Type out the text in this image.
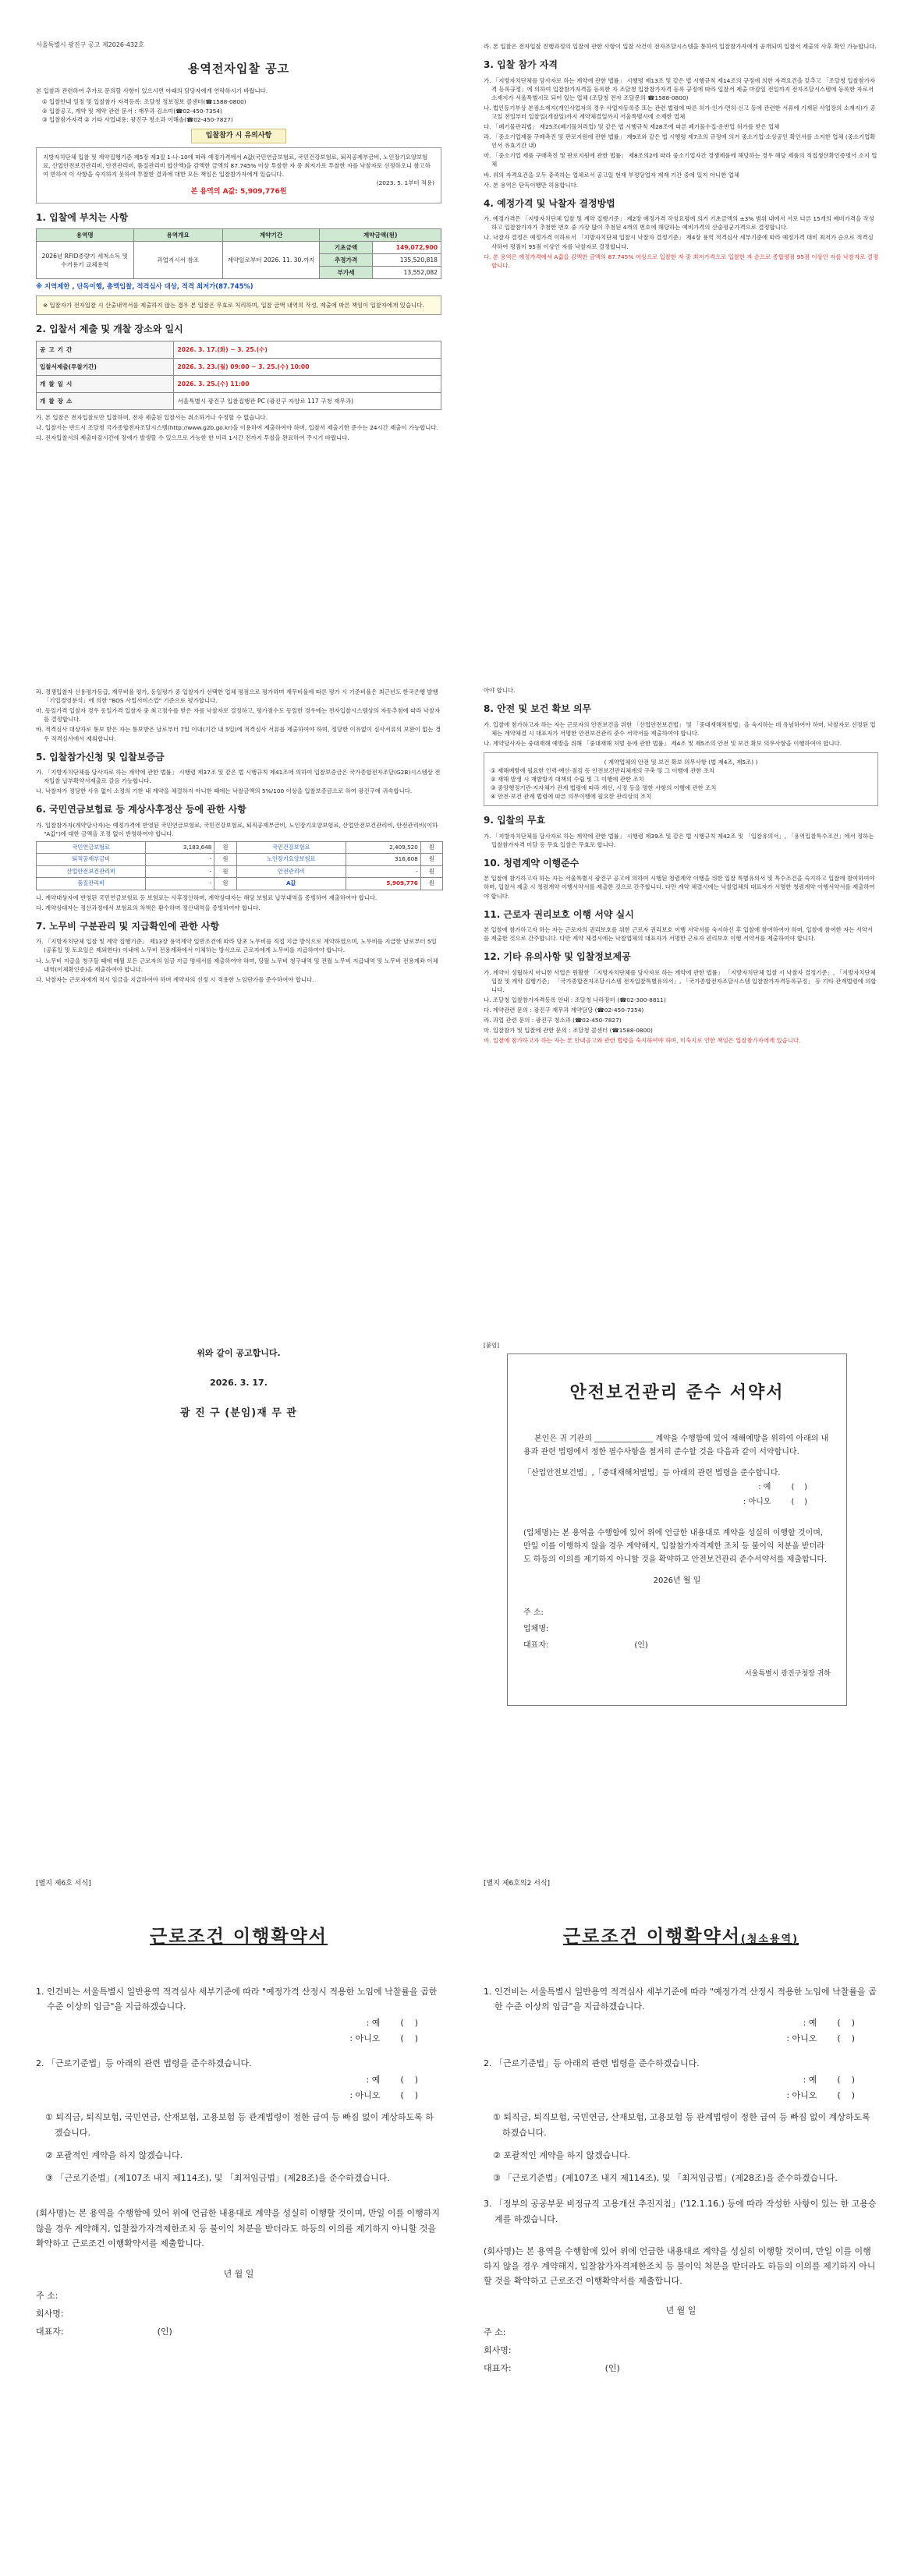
서울특별시 광진구 공고 제2026-432호
용역전자입찰 공고
본 입찰과 관련하여 추가로 문의할 사항이 있으시면 아래의 담당자에게 연락하시기 바랍니다.
① 입찰안내 일정 및 입찰참가 자격등록: 조달청 정보정보 콜센터(☎1588-0800)
② 입찰공고, 계약 및 계약 관련 문서 : 재무과 김소미(☎02-450-7354)
③ 입찰참가자격 ② 기타 사업내용: 광진구 청소과 이해솔(☎02-450-7827)
입찰참가 시 유의사항
지방자치단체 입찰 및 계약집행기준 제5장 제3절 1-나-10에 따라 예정가격에서 A값(국민연금보험료, 국민건강보험료, 퇴직공제부금비, 노인장기요양보험료, 산업안전보건관리비, 안전관리비, 품질관리비 합산액)을 감액한 금액의 87.745% 이상 투찰한 자 중 최저가로 투찰한 자를 낙찰자로 선정하오니 참고하여 반하여 이 사항을 숙지하지 못하여 투찰한 결과에 대한 모든 책임은 입찰참가자에게 있습니다.
(2023. 5. 1부터 적용)
본 용역의 A값: 5,909,776원
1. 입찰에 부치는 사항
용역명	용역개요	계약기간	계약금액(원)	
2026년 RFID종량기 세척소독 및 수거용기 교체용역	과업지시서 참조	계약일로부터 2026. 11. 30.까지	기초금액	149,072,900
			추정가격	135,520,818
			부가세	13,552,082
※ 지역제한 , 단독이행, 총액입찰, 적격심사 대상, 적격 최저가(87.745%)
※ 입찰자가 전자입찰 시 산출내역서를 제출하지 않는 경우 본 입찰은 무효로 처리하며, 입찰 금액 내역의 작성, 제출에 따른 책임이 입찰자에게 있습니다.
2. 입찰서 제출 및 개찰 장소와 일시
공고기간	2026. 3. 17.(화) ~ 3. 25.(수)
입찰서제출(투찰기간)	2026. 3. 23.(월) 09:00 ~ 3. 25.(수) 10:00
개찰일시	2026. 3. 25.(수) 11:00
개찰장소	서울특별시 광진구 입찰집행관 PC (광진구 자양로 117 구청 재무과)
가. 본 입찰은 전자입찰로만 입찰하며, 전자 제출된 입찰서는 취소하거나 수정할 수 없습니다.
나. 입찰서는 반드시 조달청 국가종합전자조달시스템(http://www.g2b.go.kr)을 이용하여 제출하여야 하며, 입찰서 제출기한 준수는 24시간 제출이 가능합니다.
다. 전자입찰서의 제출마감시간에 장애가 발생할 수 있으므로 가능한 한 미리 1시간 전까지 투찰을 완료하여 주시기 바랍니다.
라. 본 입찰은 전자입찰 진행과정의 입찰에 관한 사항이 입찰 사건이 전자조달시스템을 통하여 입찰참가자에게 공개되며 입찰서 제출의 사후 확인 가능합니다.
3. 입찰 참가 자격
가. 「지방자치단체를 당사자로 하는 계약에 관한 법률」 시행령 제13조 및 같은 법 시행규칙 제14조의 규정에 의한 자격요건을 갖추고 「조달청 입찰참가자격 등록규정」에 의하여 입찰참가자격을 등록한 자 조달청 입찰참가자격 등록 규정에 따라 입찰서 제출 마감일 전일까지 전자조달시스템에 등록한 자로서 소재지가 서울특별시로 되어 있는 업체 (조달청 전자 조달문의 ☎1588-0800)
나. 법인등기부상 본점소재지(개인사업자의 경우 사업자등록증 또는 관련 법령에 따른 허가·인가·면허·신고 등에 관련한 서류에 기재된 사업장의 소재지)가 공고일 전일부터 입찰일(개찰일)까지 계약체결일까지 서울특별시에 소재한 업체
다. 「폐기물관리법」 제25조(폐기물처리업) 및 같은 법 시행규칙 제28조에 따른 폐기물수집·운반업 허가를 받은 업체
라. 「중소기업제품 구매촉진 및 판로지원에 관한 법률」 제9조와 같은 법 시행령 제7조의 규정에 의거 중소기업·소상공인 확인서를 소지한 업체 (중소기업확인서 유효기간 내)
마. 「중소기업 제품 구매촉진 및 판로지원에 관한 법률」 제8조의2에 따라 중소기업자간 경쟁제품에 해당하는 경우 해당 제품의 직접생산확인증명서 소지 업체
바. 위의 자격요건을 모두 충족하는 업체로서 공고일 현재 부정당업자 제재 기간 중에 있지 아니한 업체
사. 본 용역은 단독이행만 허용합니다.
4. 예정가격 및 낙찰자 결정방법
가. 예정가격은 「지방자치단체 입찰 및 계약 집행기준」 제2장 예정가격 작성요령에 의거 기초금액의 ±3% 범위 내에서 서로 다른 15개의 예비가격을 작성하고 입찰참가자가 추첨한 번호 중 가장 많이 추첨된 4개의 번호에 해당하는 예비가격의 산술평균가격으로 결정합니다.
나. 낙찰자 결정은 예정가격 이하로서 「지방자치단체 입찰시 낙찰자 결정기준」 제4장 용역 적격심사 세부기준에 따라 예정가격 대비 최저가 순으로 적격심사하여 평점이 95점 이상인 자를 낙찰자로 결정합니다.
다. 본 용역은 예정가격에서 A값을 감액한 금액의 87.745% 이상으로 입찰한 자 중 최저가격으로 입찰한 자 순으로 종합평점 95점 이상인 자를 낙찰자로 결정합니다.
라. 경쟁입찰자 신용평가등급, 재무비율 평가, 동일평가 중 입찰자가 선택한 업체 평점으로 평가하며 재무비율에 따른 평가 시 기준비율은 최근년도 한국은행 발행 「기업경영분석」에 의한 "BOS 사업서비스업" 기준으로 평가합니다.
마. 동일가격 입찰자 경우 동일가격 입찰자 중 최고점수를 받은 자를 낙찰자로 결정하고, 평가점수도 동일한 경우에는 전자입찰시스템상의 자동추첨에 따라 낙찰자를 결정합니다.
바. 적격심사 대상자로 통보 받은 자는 통보받은 날로부터 7일 이내(기간 내 5일)에 적격심사 서류를 제출하여야 하며, 정당한 이유없이 심사서류의 보완이 없는 경우 적격심사에서 제외합니다.
5. 입찰참가신청 및 입찰보증금
가. 「지방자치단체를 당사자로 하는 계약에 관한 법률」 시행령 제37조 및 같은 법 시행규칙 제41조에 의하여 입찰보증금은 국가종합전자조달(G2B)시스템상 전자입찰 납부확약서제출로 갈음 가능합니다.
나. 낙찰자가 정당한 사유 없이 소정의 기한 내 계약을 체결하지 아니한 때에는 낙찰금액의 5%/100 이상을 입찰보증금으로 하여 광진구에 귀속합니다.
6. 국민연금보험료 등 계상사후정산 등에 관한 사항
가. 입찰참가자(계약당사자)는 예정가격에 반영된 국민연금보험료, 국민건강보험료, 퇴직공제부금비, 노인장기요양보험료, 산업안전보건관리비, 안전관리비(이하 "A값")에 대한 금액을 조정 없이 반영하여야 합니다.
국민연금보험료	3,183,648	원	국민건강보험료	2,409,520	원
퇴직공제부금비	-	원	노인장기요양보험료	316,608	원
산업안전보건관리비	-	원	안전관리비	-	원
품질관리비	-	원	A값	5,909,776	원
나. 계약대상자에 반영된 국민연금보험료 등 보험료는 사후정산하며, 계약상대자는 해당 보험료 납부내역을 증빙하여 제출하여야 합니다.
다. 계약상대자는 정산과정에서 보험료의 차액은 환수하며 정산내역을 증빙하여야 합니다.
7. 노무비 구분관리 및 지급확인에 관한 사항
가. 「지방자치단체 입찰 및 계약 집행기준」 제13장 용역계약 일반조건에 따라 당초 노무비를 직접 지급 방식으로 계약하였으며, 노무비를 지급한 날로부터 5일(공휴일 및 토요일은 제외한다) 이내에 노무비 전용계좌에서 이체하는 방식으로 근로자에게 노무비를 지급하여야 합니다.
나. 노무비 지급을 청구할 때에 매월 모든 근로자의 임금 지급 명세서를 제출하여야 하며, 당월 노무비 청구내역 및 전월 노무비 지급내역 및 노무비 전용계좌 이체내역(이체확인증)을 제출하여야 합니다.
다. 낙찰자는 근로자에게 적시 임금을 지급하여야 하며 계약자의 선정 시 적용한 노임단가를 준수하여야 합니다.
아야 합니다.
8. 안전 및 보건 확보 의무
가. 입찰에 참가하고자 하는 자는 근로자의 안전보건을 위한 「산업안전보건법」 및 「중대재해처벌법」을 숙지하는 데 유념하여야 하며, 낙찰자로 선정된 업체는 계약체결 시 대표자가 서명한 안전보건관리 준수 서약서를 제출하여야 합니다.
나. 계약당사자는 중대재해 예방을 위해 「중대재해 처벌 등에 관한 법률」 제4조 및 제5조의 안전 및 보건 확보 의무사항을 이행하여야 합니다.
( 계약업체의 안전 및 보건 확보 의무사항 (법 제4조, 제5조) )
① 재해예방에 필요한 인력·예산·점검 등 안전보건관리체계의 구축 및 그 이행에 관한 조치
② 재해 발생 시 재발방지 대책의 수립 및 그 이행에 관한 조치
③ 중앙행정기관·지자체가 관계 법령에 따라 개선, 시정 등을 명한 사항의 이행에 관한 조치
④ 안전·보건 관계 법령에 따른 의무이행에 필요한 관리상의 조치
9. 입찰의 무효
가. 「지방자치단체를 당사자로 하는 계약에 관한 법률」 시행령 제39조 및 같은 법 시행규칙 제42조 및 「입찰유의서」, 「용역입찰특수조건」에서 정하는 입찰참가자격 미달 등 무효 입찰은 무효로 합니다.
10. 청렴계약 이행준수
본 입찰에 참가하고자 하는 자는 서울특별시 광진구 공고에 의하여 시행된 청렴계약 이행을 위한 입찰 특별유의서 및 특수조건을 숙지하고 입찰에 참여하여야 하며, 입찰서 제출 시 청렴계약 이행서약서를 제출한 것으로 간주합니다. 다만 계약 체결시에는 낙찰업체의 대표자가 서명한 청렴계약 이행서약서를 제출하여야 합니다.
11. 근로자 권리보호 이행 서약 실시
본 입찰에 참가하고자 하는 자는 근로자의 권리보호를 위한 근로자 권리보호 이행 서약서를 숙지하신 후 입찰에 참여하여야 하며, 입찰에 참여한 자는 서약서를 제출한 것으로 간주합니다. 다만 계약 체결시에는 낙찰업체의 대표자가 서명한 근로자 권리보호 이행 서약서를 제출하여야 합니다.
12. 기타 유의사항 및 입찰정보제공
가. 계약이 성립하지 아니한 사업은 원활한 「지방자치단체를 당사자로 하는 계약에 관한 법률」 「지방자치단체 입찰 시 낙찰자 결정기준」, 「지방자치단체 입찰 및 계약 집행기준」 「국가종합전자조달시스템 전자입찰특별유의서」, 「국가종합전자조달시스템 입찰참가자격등록규정」 등 기타 관계법령에 의합니다.
나. 조달청 입찰참가자격등록 안내 : 조달청 나라장터 (☎02-300-8811)
다. 계약관련 문의 : 광진구 재무과 계약담당 (☎02-450-7354)
라. 과업 관련 문의 : 광진구 청소과 (☎02-450-7827)
마. 입찰참가 및 입찰에 관한 문의 : 조달청 콜센터 (☎1588-0800)
바. 입찰에 참가하고자 하는 자는 본 안내공고와 관련 법령을 숙지하여야 하며, 미숙지로 인한 책임은 입찰참가자에게 있습니다.
위와 같이 공고합니다.
2026. 3. 17.
광 진 구 (분임)재 무 관
[붙임]
안전보건관리 준수 서약서

본인은 귀 기관의 _______________ 계약을 수행함에 있어 재해예방을 위하여 아래의 내용과 관련 법령에서 정한 필수사항을 철저히 준수할 것을 다음과 같이 서약합니다.

「산업안전보건법」,「중대재해처벌법」등 아래의 관련 법령을 준수합니다.

: 예	(    )
: 아니오	(    )

(업체명)는 본 용역을 수행함에 있어 위에 언급한 내용대로 계약을 성실히 이행할 것이며, 만일 이를 이행하지 않을 경우 계약해지, 입찰참가자격제한 조치 등 불이익 처분을 받더라도 하등의 이의를 제기하지 아니할 것을 확약하고 안전보건관리 준수서약서를 제출합니다.

2026년 월 일
주 소:
업체명:
대표자:	(인)
서울특별시 광진구청장 귀하
[별지 제6호 서식]
근로조건 이행확약서

1. 인건비는 서울특별시 일반용역 적격심사 세부기준에 따라 "예정가격 산정시 적용한 노임에 낙찰률을 곱한 수준 이상의 임금"을 지급하겠습니다.

: 예 (    )
: 아니오 (    )

2. 「근로기준법」등 아래의 관련 법령을 준수하겠습니다.

: 예 (    )
: 아니오 (    )

① 퇴직금, 퇴직보험, 국민연금, 산재보험, 고용보험 등 관계법령이 정한 급여 등 빠짐 없이 계상하도록 하겠습니다.

② 포괄적인 계약을 하지 않겠습니다.

③ 「근로기준법」(제107조 내지 제114조), 및 「최저임금법」(제28조)을 준수하겠습니다.

(회사명)는 본 용역을 수행함에 있어 위에 언급한 내용대로 계약을 성실히 이행할 것이며, 만일 이를 이행하지 않을 경우 계약해지, 입찰참가자격제한조치 등 불이익 처분을 받더라도 하등의 이의를 제기하지 아니할 것을 확약하고 근로조건 이행확약서를 제출합니다.

년 월 일
주 소:
회사명:
대표자:	(인)
[별지 제6호의2 서식]
근로조건 이행확약서(청소용역)

1. 인건비는 서울특별시 일반용역 적격심사 세부기준에 따라 "예정가격 산정시 적용한 노임에 낙찰률을 곱한 수준 이상의 임금"을 지급하겠습니다.

: 예 (    )
: 아니오 (    )

2. 「근로기준법」등 아래의 관련 법령을 준수하겠습니다.

: 예 (    )
: 아니오 (    )

① 퇴직금, 퇴직보험, 국민연금, 산재보험, 고용보험 등 관계법령이 정한 급여 등 빠짐 없이 계상하도록 하겠습니다.

② 포괄적인 계약을 하지 않겠습니다.

③ 「근로기준법」(제107조 내지 제114조), 및 「최저임금법」(제28조)을 준수하겠습니다.

3. 「정부의 공공부문 비정규직 고용개선 추진지침」('12.1.16.) 등에 따라 작성한 사항이 있는 한 고용승계를 하겠습니다.

(회사명)는 본 용역을 수행함에 있어 위에 언급한 내용대로 계약을 성실히 이행할 것이며, 만일 이를 이행하지 않을 경우 계약해지, 입찰참가자격제한조치 등 불이익 처분을 받더라도 하등의 이의를 제기하지 아니할 것을 확약하고 근로조건 이행확약서를 제출합니다.

년 월 일
주 소:
회사명:
대표자:	(인)
